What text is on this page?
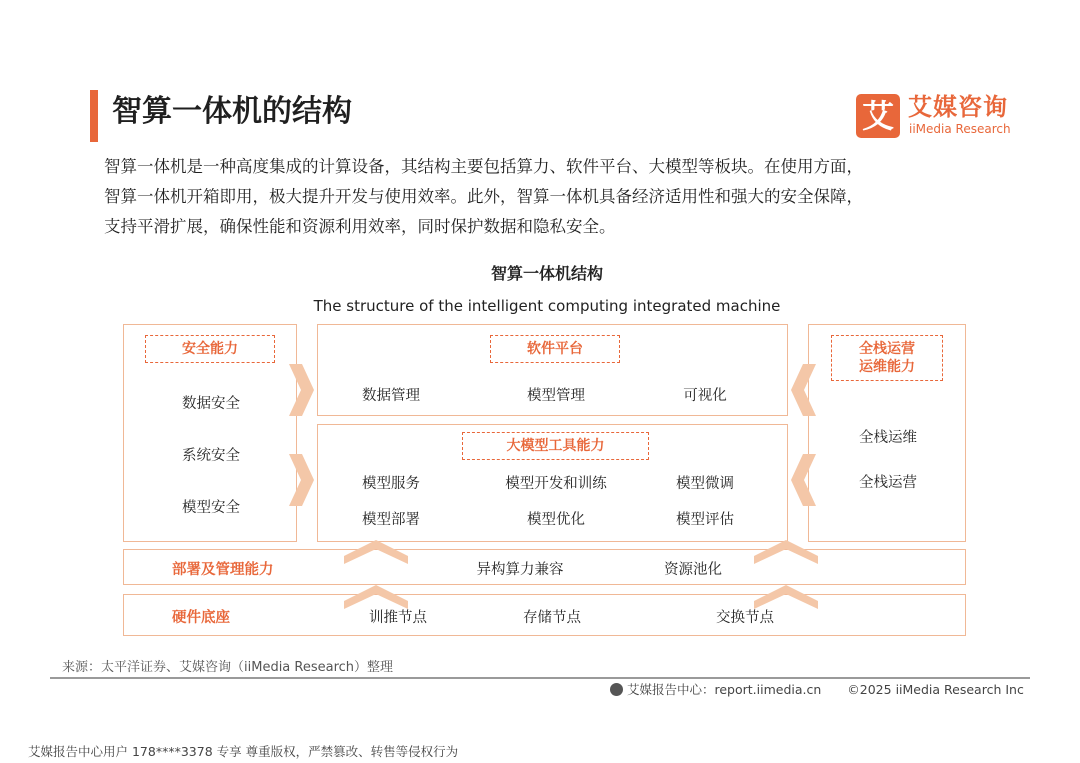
智算一体机的结构	艾 艾媒咨询
iiMedia Research
智算一体机是一种高度集成的计算设备，其结构主要包括算力、软件平台、大模型等板块。在使用方面，
智算一体机开箱即用，极大提升开发与使用效率。此外，智算一体机具备经济适用性和强大的安全保障，
支持平滑扩展，确保性能和资源利用效率，同时保护数据和隐私安全。
智算一体机结构
The structure of the intelligent computing integrated machine
安全能力
数据安全
系统安全
模型安全
软件平台
数据管理	模型管理	可视化
大模型工具能力
模型服务	模型开发和训练	模型微调
模型部署	模型优化	模型评估
全栈运营
运维能力
全栈运维
全栈运营
部署及管理能力	异构算力兼容	资源池化
硬件底座	训推节点	存储节点	交换节点
来源：太平洋证券、艾媒咨询（iiMedia Research）整理
艾媒报告中心：report.iimedia.cn ©2025 iiMedia Research Inc
艾媒报告中心用户 178****3378 专享 尊重版权，严禁篡改、转售等侵权行为
